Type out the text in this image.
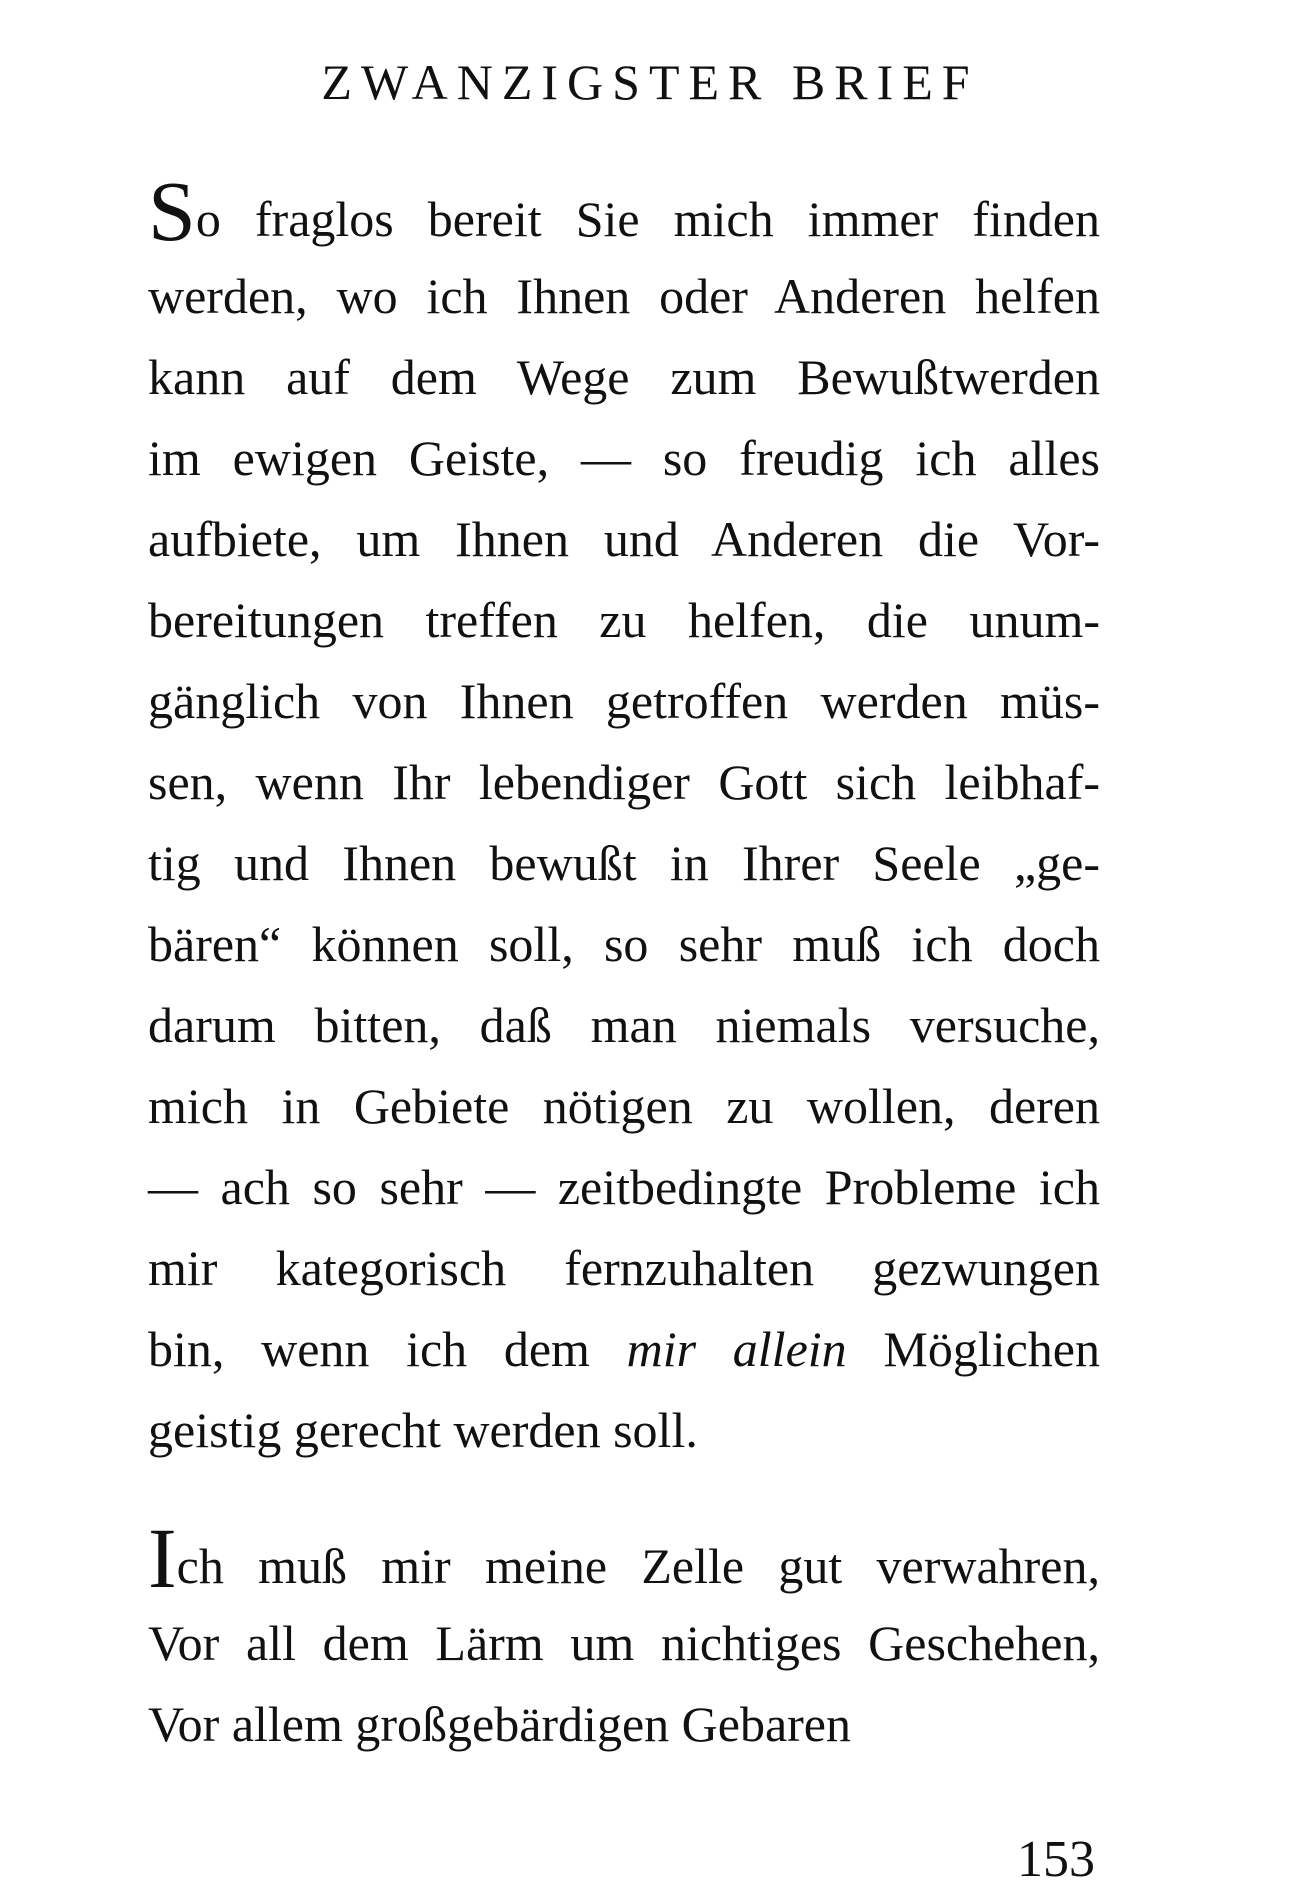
ZWANZIGSTER BRIEF
So fraglos bereit Sie mich immer finden
werden, wo ich Ihnen oder Anderen helfen
kann auf dem Wege zum Bewußtwerden
im ewigen Geiste, — so freudig ich alles
aufbiete, um Ihnen und Anderen die Vor-
bereitungen treffen zu helfen, die unum-
gänglich von Ihnen getroffen werden müs-
sen, wenn Ihr lebendiger Gott sich leibhaf-
tig und Ihnen bewußt in Ihrer Seele „ge-
bären“ können soll, so sehr muß ich doch
darum bitten, daß man niemals versuche,
mich in Gebiete nötigen zu wollen, deren
— ach so sehr — zeitbedingte Probleme ich
mir kategorisch fernzuhalten gezwungen
bin, wenn ich dem mir allein Möglichen
geistig gerecht werden soll.
Ich muß mir meine Zelle gut verwahren,
Vor all dem Lärm um nichtiges Geschehen,
Vor allem großgebärdigen Gebaren
153
